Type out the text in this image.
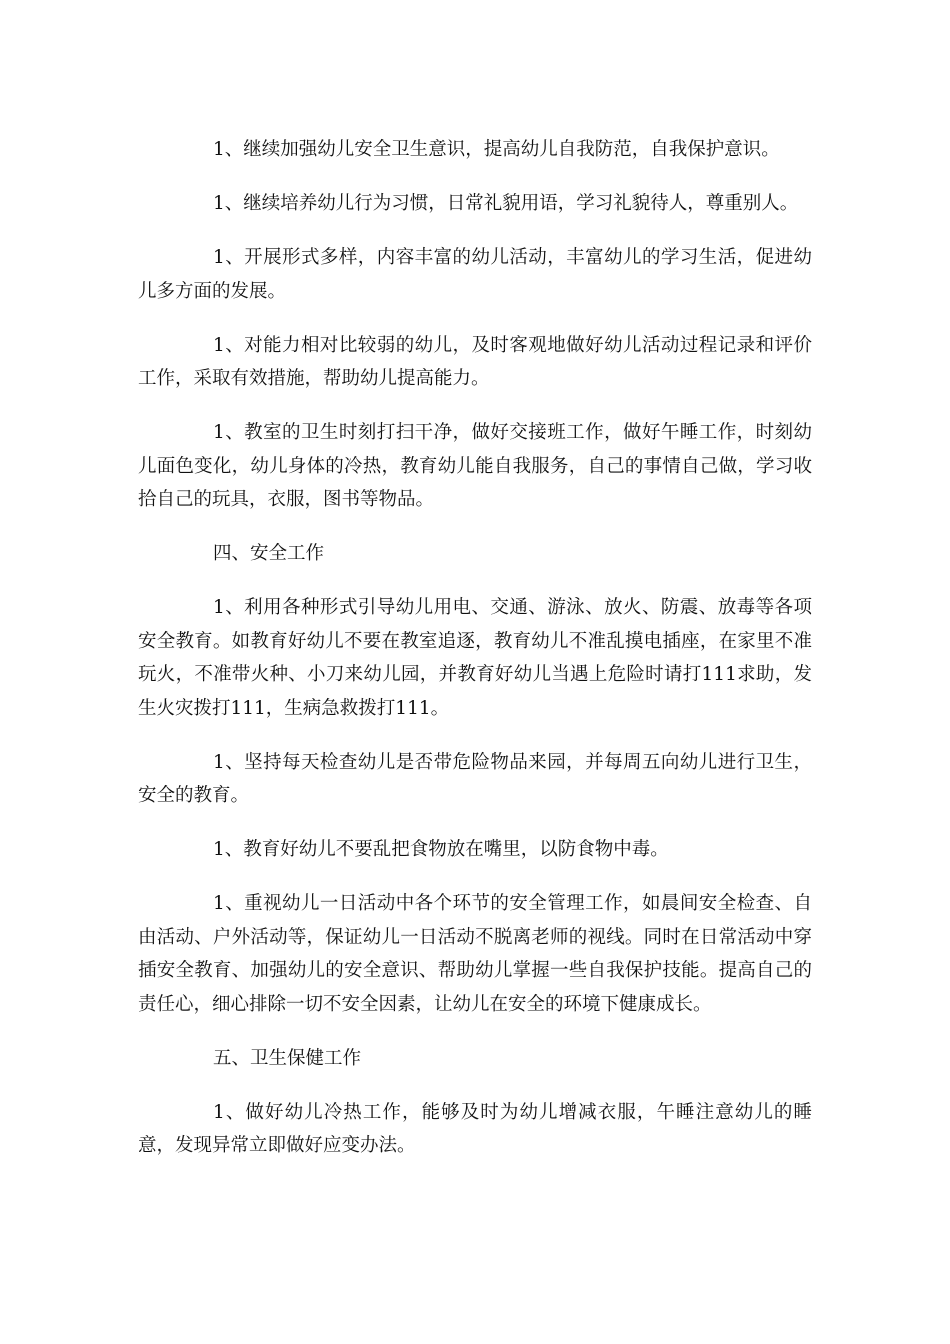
1、继续加强幼儿安全卫生意识，提高幼儿自我防范，自我保护意识。

1、继续培养幼儿行为习惯，日常礼貌用语，学习礼貌待人，尊重别人。

1、开展形式多样，内容丰富的幼儿活动，丰富幼儿的学习生活，促进幼儿多方面的发展。

1、对能力相对比较弱的幼儿，及时客观地做好幼儿活动过程记录和评价工作，采取有效措施，帮助幼儿提高能力。

1、教室的卫生时刻打扫干净，做好交接班工作，做好午睡工作，时刻幼儿面色变化，幼儿身体的冷热，教育幼儿能自我服务，自己的事情自己做，学习收拾自己的玩具，衣服，图书等物品。

四、安全工作

1、利用各种形式引导幼儿用电、交通、游泳、放火、防震、放毒等各项安全教育。如教育好幼儿不要在教室追逐，教育幼儿不准乱摸电插座，在家里不准玩火，不准带火种、小刀来幼儿园，并教育好幼儿当遇上危险时请打111求助，发生火灾拨打111，生病急救拨打111。

1、坚持每天检查幼儿是否带危险物品来园，并每周五向幼儿进行卫生，安全的教育。

1、教育好幼儿不要乱把食物放在嘴里，以防食物中毒。

1、重视幼儿一日活动中各个环节的安全管理工作，如晨间安全检查、自由活动、户外活动等，保证幼儿一日活动不脱离老师的视线。同时在日常活动中穿插安全教育、加强幼儿的安全意识、帮助幼儿掌握一些自我保护技能。提高自己的责任心，细心排除一切不安全因素，让幼儿在安全的环境下健康成长。

五、卫生保健工作

1、做好幼儿冷热工作，能够及时为幼儿增减衣服，午睡注意幼儿的睡意，发现异常立即做好应变办法。
